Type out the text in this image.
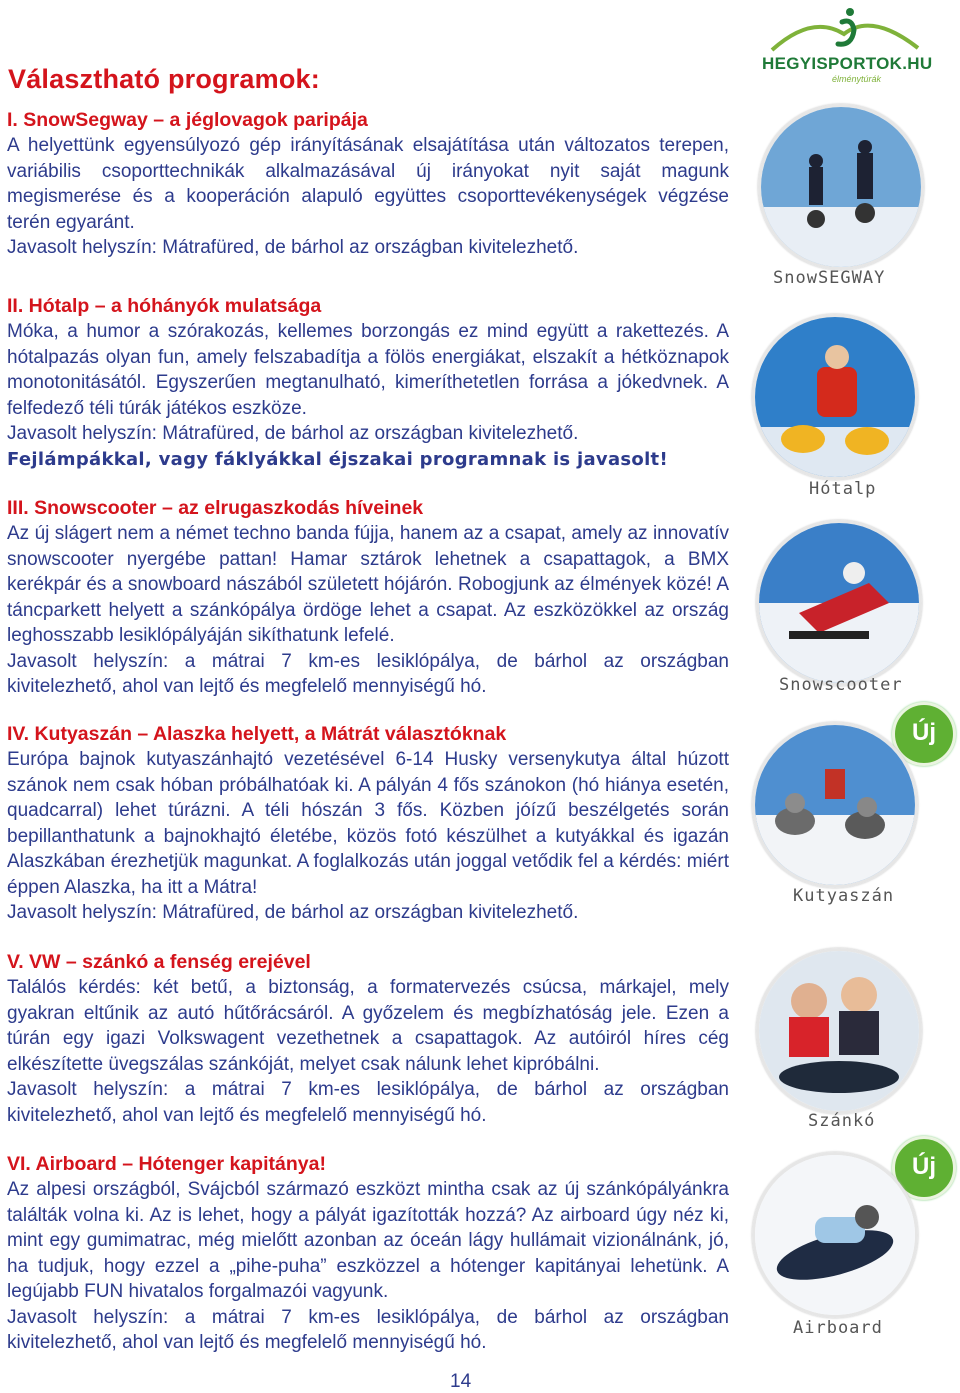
Választható programok:
I. SnowSegway – a jéglovagok paripája

A helyettünk egyensúlyozó gép irányításának elsajátítása után változatos terepen, variábilis csoporttechnikák alkalmazásával új irányokat nyit saját magunk megismerése és a kooperáción alapuló együttes csoporttevékenységek végzése terén egyaránt.

Javasolt helyszín: Mátrafüred, de bárhol az országban kivitelezhető.
II. Hótalp – a hóhányók mulatsága

Móka, a humor a szórakozás, kellemes borzongás ez mind együtt a rakettezés. A hótalpazás olyan fun, amely felszabadítja a fölös energiákat, elszakít a hétköznapok monotonitásától. Egyszerűen megtanulható, kimeríthetetlen forrása a jókedvnek. A felfedező téli túrák játékos eszköze.

Javasolt helyszín: Mátrafüred, de bárhol az országban kivitelezhető.
Fejlámpákkal, vagy fáklyákkal éjszakai programnak is javasolt!
III. Snowscooter – az elrugaszkodás híveinek

Az új slágert nem a német techno banda fújja, hanem az a csapat, amely az innovatív snowscooter nyergébe pattan! Hamar sztárok lehetnek a csapattagok, a BMX kerékpár és a snowboard nászából született hójárón. Robogjunk az élmények közé! A táncparkett helyett a szánkópálya ördöge lehet a csapat. Az eszközökkel az ország leghosszabb lesiklópályáján sikíthatunk lefelé.

Javasolt helyszín: a mátrai 7 km-es lesiklópálya, de bárhol az országban kivitelezhető, ahol van lejtő és megfelelő mennyiségű hó.

IV. Kutyaszán – Alaszka helyett, a Mátrát választóknak

Európa bajnok kutyaszánhajtó vezetésével 6-14 Husky versenykutya által húzott szánok nem csak hóban próbálhatóak ki. A pályán 4 fős szánokon (hó hiánya esetén, quadcarral) lehet túrázni. A téli hószán 3 fős. Közben jóízű beszélgetés során bepillanthatunk a bajnokhajtó életébe, közös fotó készülhet a kutyákkal és igazán Alaszkában érezhetjük magunkat. A foglalkozás után joggal vetődik fel a kérdés: miért éppen Alaszka, ha itt a Mátra!

Javasolt helyszín: Mátrafüred, de bárhol az országban kivitelezhető.
V. VW – szánkó a fenség erejével

Találós kérdés: két betű, a biztonság, a formatervezés csúcsa, márkajel, mely gyakran eltűnik az autó hűtőrácsáról. A győzelem és megbízhatóság jele. Ezen a túrán egy igazi Volkswagent vezethetnek a csapattagok. Az autóiról híres cég elkészítette üvegszálas szánkóját, melyet csak nálunk lehet kipróbálni.

Javasolt helyszín: a mátrai 7 km-es lesiklópálya, de bárhol az országban kivitelezhető, ahol van lejtő és megfelelő mennyiségű hó.

VI. Airboard – Hótenger kapitánya!

Az alpesi országból, Svájcból származó eszközt mintha csak az új szánkópályánkra találták volna ki. Az is lehet, hogy a pályát igazították hozzá? Az airboard úgy néz ki, mint egy gumimatrac, még mielőtt azonban az óceán lágy hullámait vizionálnánk, jó, ha tudjuk, hogy ezzel a „pihe-puha” eszközzel a hótenger kapitányai lehetünk. A legújabb FUN hivatalos forgalmazói vagyunk.

Javasolt helyszín: a mátrai 7 km-es lesiklópálya, de bárhol az országban kivitelezhető, ahol van lejtő és megfelelő mennyiségű hó.

14
HEGYISPORTOK.HU
élménytúrák
SnowSEGWAY
Hótalp
Snowscooter
Új
Kutyaszán
Szánkó
Új
Airboard
